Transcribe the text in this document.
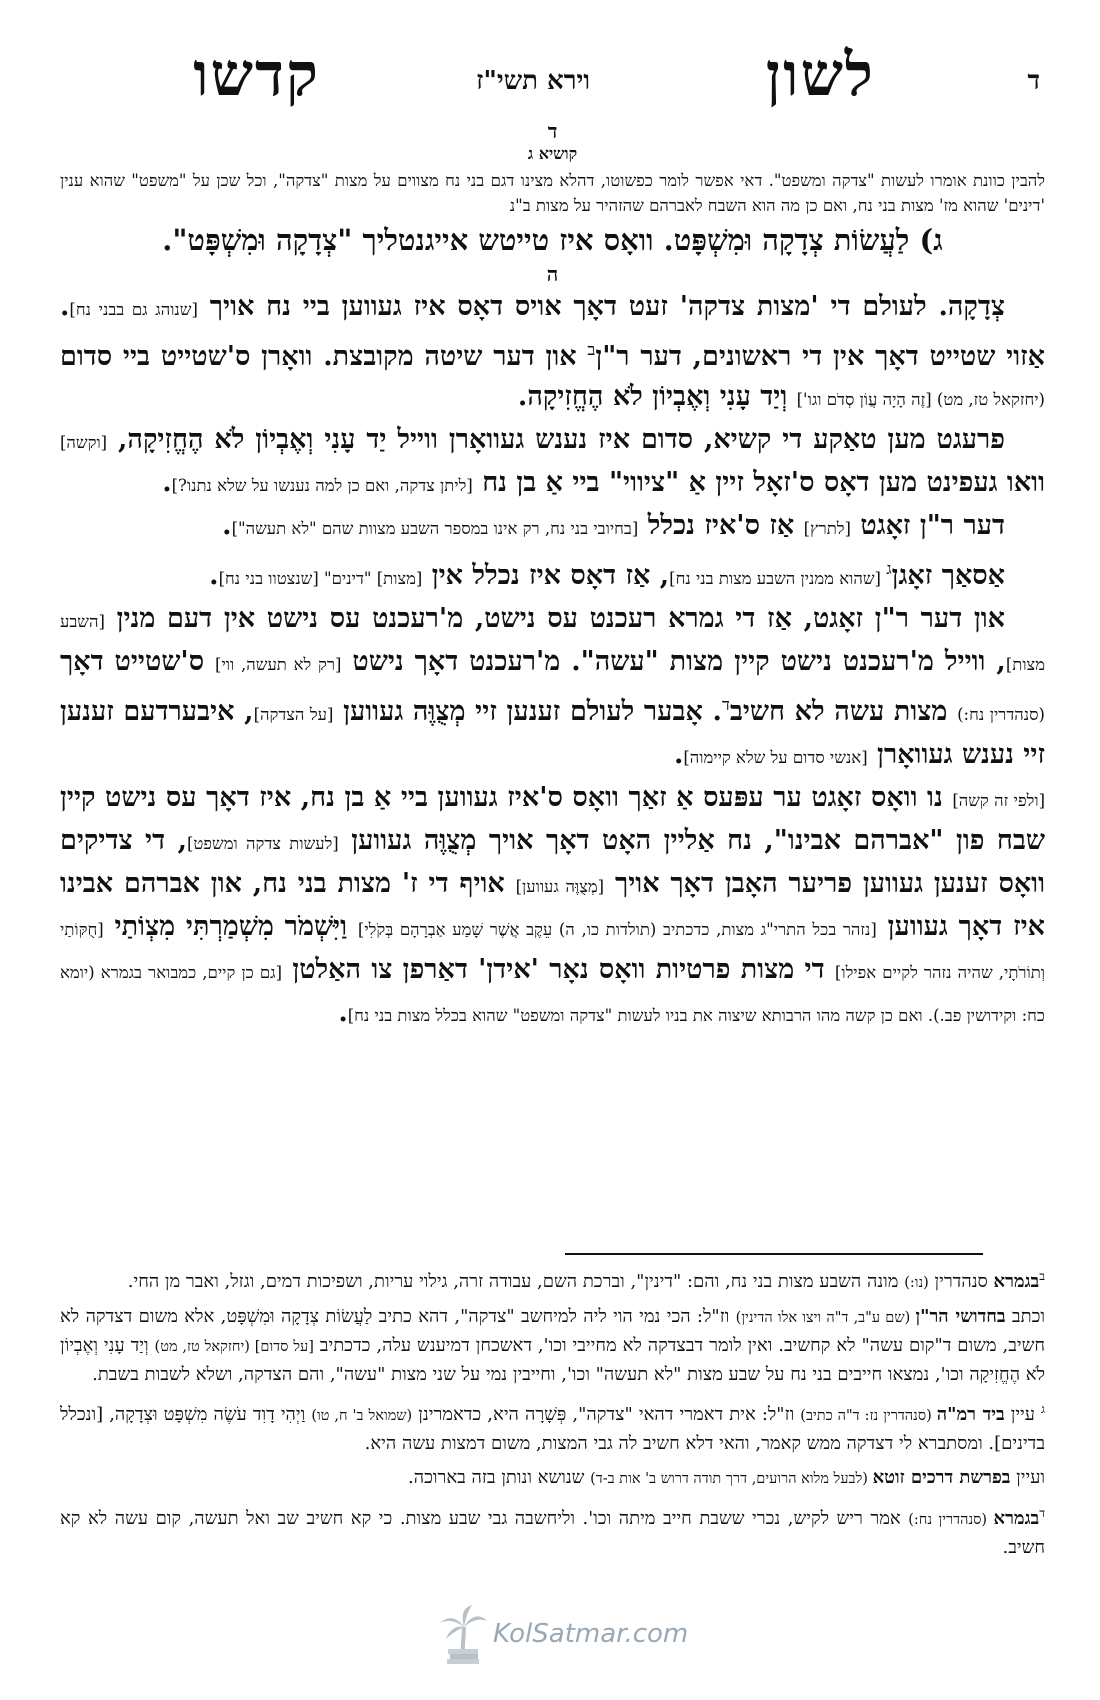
ד
לשון
וירא תשי"ז
קדשו

ד

קושיא ג

להבין כוונת אומרו לעשות "צדקה ומשפט". דאי אפשר לומר כפשוטו, דהלא מצינו דגם בני נח מצווים על מצות "צדקה", וכל שכן על "משפט" שהוא ענין 'דינים' שהוא מז' מצות בני נח, ואם כן מה הוא השבח לאברהם שהזהיר על מצות ב"נ

ג) לַעֲשׂוֹת צְדָקָה וּמִשְׁפָּט. וואָס איז טייטש אייגנטליך "צְדָקָה וּמִשְׁפָּט".

ה

צְדָקָה. לעולם די 'מצות צדקה' זעט דאָך אויס דאָס איז געווען ביי נח אויך [שנוהג גם בבני נח]. אַזוי שטייט דאָך אין די ראשונים, דער ר"ן$^ב$ און דער שיטה מקובצת. וואָרן ס'שטייט ביי סדום (יחזקאל טז, מט) [זֶה הָיָה עֲוֹן סְדֹם וגו'] וְיַד עָנִי וְאֶבְיוֹן לֹא הֶחֱזִיקָה.

פרעגט מען טאַקע די קשיא, סדום איז נענש געוואָרן ווייל יַד עָנִי וְאֶבְיוֹן לֹא הֶחֱזִיקָה, [וקשה] וואו געפינט מען דאָס ס'זאָל זיין אַ "ציווי" ביי אַ בן נח [ליתן צדקה, ואם כן למה נענשו על שלא נתנו?].

דער ר"ן זאָגט [לתרץ] אַז ס'איז נכלל [בחיובי בני נח, רק אינו במספר השבע מצוות שהם "לא תעשה"].

אַסאַך זאָגן$^ג$ [שהוא ממנין השבע מצות בני נח], אַז דאָס איז נכלל אין [מצות] "דינים" [שנצטוו בני נח].

און דער ר"ן זאָגט, אַז די גמרא רעכנט עס נישט, מ'רעכנט עס נישט אין דעם מנין [השבע מצות], ווייל מ'רעכנט נישט קיין מצות "עשה". מ'רעכנט דאָך נישט [רק לא תעשה, ווי] ס'שטייט דאָך (סנהדרין נח:) מצות עשה לא חשיב$^ד$. אָבער לעולם זענען זיי מְצֻוֶּה געווען [על הצדקה], איבערדעם זענען זיי נענש געוואָרן [אנשי סדום על שלא קיימוה].

[ולפי זה קשה] נו וואָס זאָגט ער עפּעס אַ זאַך וואָס ס'איז געווען ביי אַ בן נח, איז דאָך עס נישט קיין שבח פון "אברהם אבינו", נח אַליין האָט דאָך אויך מְצֻוֶּה געווען [לעשות צדקה ומשפט], די צדיקים וואָס זענען געווען פריער האָבן דאָך אויך [מְצֻוֶּה געווען] אויף די ז' מצות בני נח, און אברהם אבינו איז דאָך געווען [נזהר בכל התרי"ג מצות, כדכתיב (תולדות כו, ה) עֵקֶב אֲשֶׁר שָׁמַע אַבְרָהָם בְּקֹלִי] וַיִּשְׁמֹר מִשְׁמַרְתִּי מִצְוֹתַי [חֻקּוֹתַי וְתוֹרֹתָי, שהיה נזהר לקיים אפילו] די מצות פרטיות וואָס נאָר 'אידן' דאַרפן צו האַלטן [גם כן קיים, כמבואר בגמרא (יומא כח: וקידושין פב.). ואם כן קשה מהו הרבותא שיצוה את בניו לעשות "צדקה ומשפט" שהוא בכלל מצות בני נח].

$^ב$בגמרא סנהדרין (נו:) מונה השבע מצות בני נח, והם: "דינין", וברכת השם, עבודה זרה, גילוי עריות, ושפיכות דמים, וגזל, ואבר מן החי.

וכתב בחדושי הר"ן (שם ע"ב, ד"ה ויצו אלו הדינין) וז"ל: הכי נמי הוי ליה למיחשב "צדקה", דהא כתיב לַעֲשׂוֹת צְדָקָה וּמִשְׁפָּט, אלא משום דצדקה לא חשיב, משום ד"קום עשה" לא קחשיב. ואין לומר דבצדקה לא מחייבי וכו', דאשכחן דמיענש עלה, כדכתיב [על סדום] (יחזקאל טז, מט) וְיַד עָנִי וְאֶבְיוֹן לֹא הֶחֱזִיקָה וכו', נמצאו חייבים בני נח על שבע מצות "לא תעשה" וכו', וחייבין נמי על שני מצות "עשה", והם הצדקה, ושלא לשבות בשבת.

$^ג$ עיין ביד רמ"ה (סנהדרין נז: ד"ה כתיב) וז"ל: אית דאמרי דהאי "צדקה", פְּשָׁרָה היא, כדאמרינן (שמואל ב' ח, טו) וַיְהִי דָוִד עֹשֶׂה מִשְׁפָּט וּצְדָקָה, [ונכלל בדינים]. ומסתברא לי דצדקה ממש קאמר, והאי דלא חשיב לה גבי המצות, משום דמצות עשה היא.

ועיין בפרשת דרכים זוטא (לבעל מלוא הרועים, דרך תודה דרוש ב' אות ב-ד) שנושא ונותן בזה בארוכה.

$^ד$בגמרא (סנהדרין נח:) אמר ריש לקיש, נכרי ששבת חייב מיתה וכו'. וליחשבה גבי שבע מצות. כי קא חשיב שב ואל תעשה, קום עשה לא קא חשיב.

KolSatmar.com
